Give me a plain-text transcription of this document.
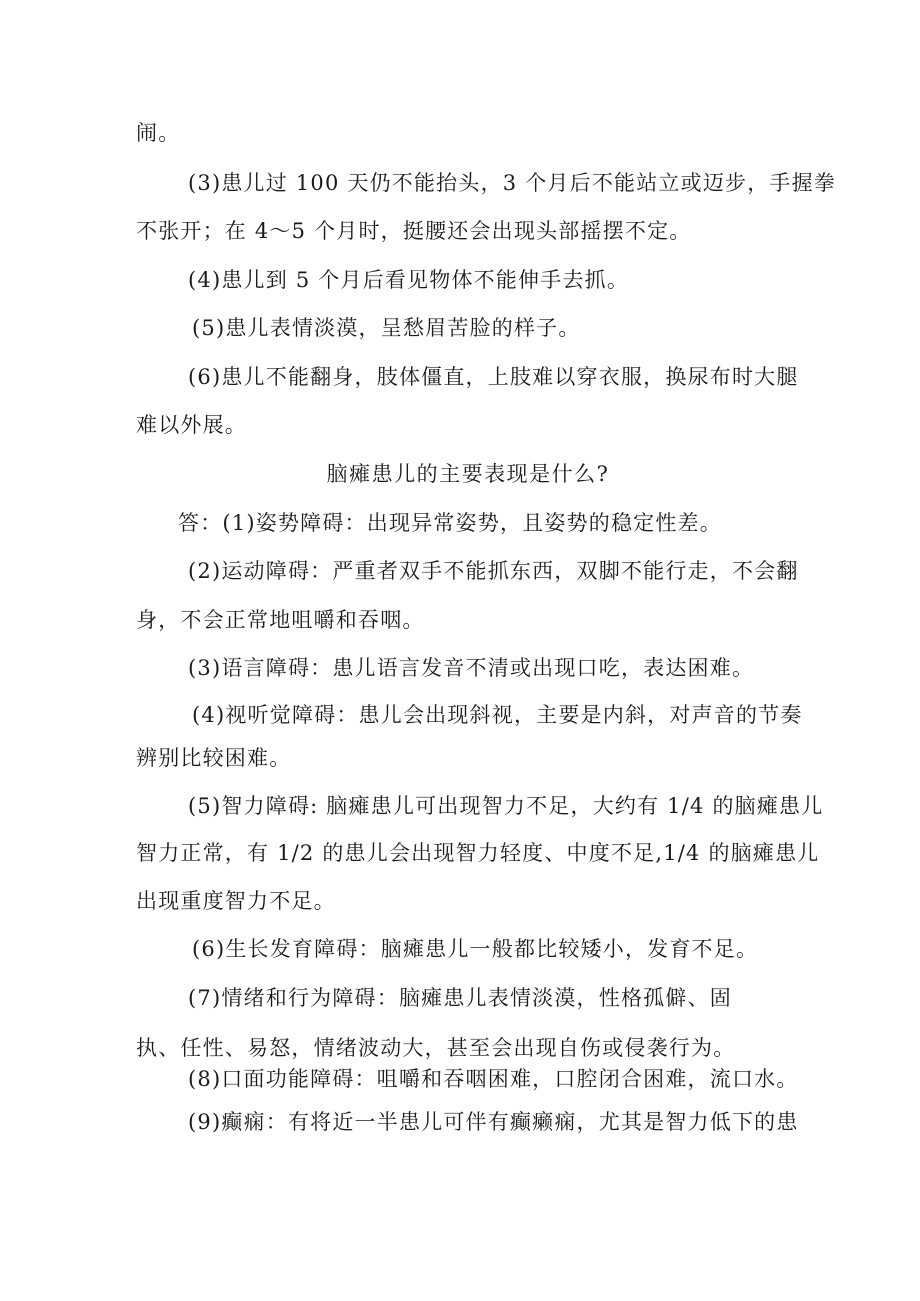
闹。

(3)患儿过 100 天仍不能抬头，3 个月后不能站立或迈步，手握拳

不张开；在 4～5 个月时，挺腰还会出现头部摇摆不定。

(4)患儿到 5 个月后看见物体不能伸手去抓。

(5)患儿表情淡漠，呈愁眉苦脸的样子。

(6)患儿不能翻身，肢体僵直，上肢难以穿衣服，换尿布时大腿

难以外展。

脑瘫患儿的主要表现是什么?

答：(1)姿势障碍：出现异常姿势，且姿势的稳定性差。

(2)运动障碍：严重者双手不能抓东西，双脚不能行走，不会翻

身，不会正常地咀嚼和吞咽。

(3)语言障碍：患儿语言发音不清或出现口吃，表达困难。

(4)视听觉障碍：患儿会出现斜视，主要是内斜，对声音的节奏

辨别比较困难。

(5)智力障碍: 脑瘫患儿可出现智力不足，大约有 1/4 的脑瘫患儿

智力正常，有 1/2 的患儿会出现智力轻度、中度不足,1/4 的脑瘫患儿

出现重度智力不足。

(6)生长发育障碍：脑瘫患儿一般都比较矮小，发育不足。

(7)情绪和行为障碍：脑瘫患儿表情淡漠，性格孤僻、固

执、任性、易怒，情绪波动大，甚至会出现自伤或侵袭行为。

(8)口面功能障碍：咀嚼和吞咽困难，口腔闭合困难，流口水。

(9)癫痫：有将近一半患儿可伴有癫癞痫，尤其是智力低下的患
